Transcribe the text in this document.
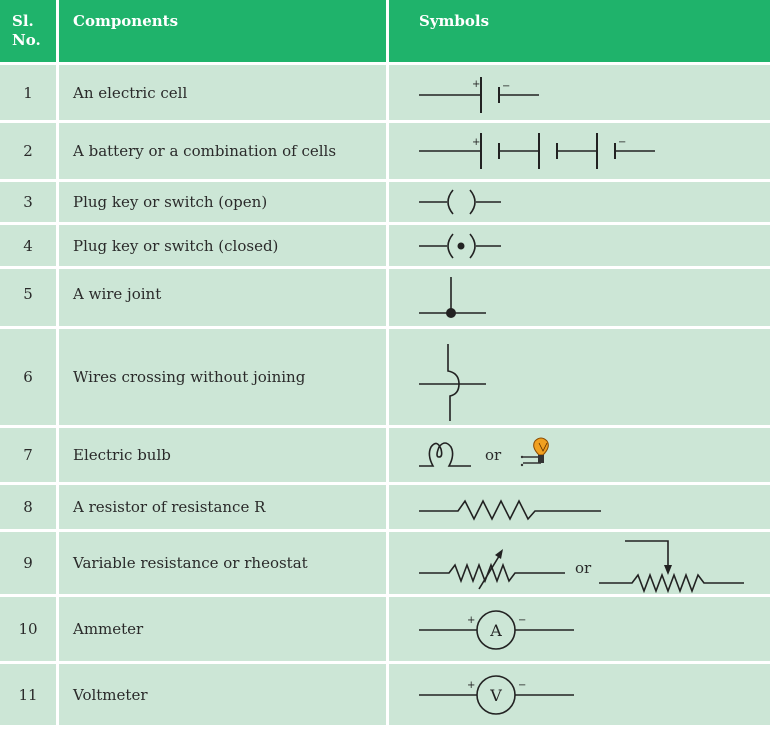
Sl. No.	Components	Symbols
1	An electric cell	+ −

2	A battery or a combination of cells	+ −

3	Plug key or switch (open)	

4	Plug key or switch (closed)	

5	A wire joint	

6	Wires crossing without joining	

7	Electric bulb	or

8	A resistor of resistance R	

9	Variable resistance or rheostat	or

10	Ammeter	A
+ −

11	Voltmeter	V
+ −
